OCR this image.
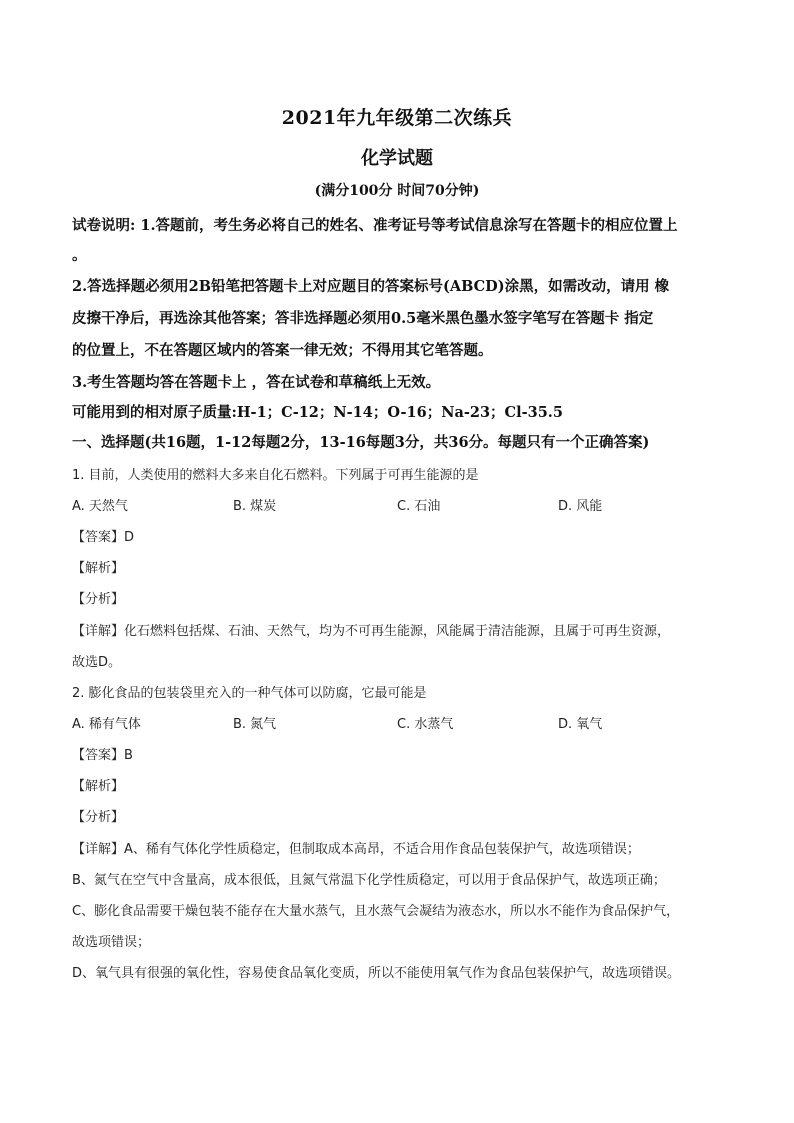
2021年九年级第二次练兵
化学试题
(满分100分 时间70分钟)
试卷说明: 1.答题前，考生务必将自己的姓名、准考证号等考试信息涂写在答题卡的相应位置上
。
2.答选择题必须用2B铅笔把答题卡上对应题目的答案标号(ABCD)涂黑，如需改动，请用 橡
皮擦干净后，再选涂其他答案；答非选择题必须用0.5毫米黑色墨水签字笔写在答题卡 指定
的位置上，不在答题区域内的答案一律无效；不得用其它笔答题。
3.考生答题均答在答题卡上 ，答在试卷和草稿纸上无效。
可能用到的相对原子质量:H-1；C-12；N-14；O-16；Na-23；Cl-35.5
一、选择题(共16题，1-12每题2分，13-16每题3分，共36分。每题只有一个正确答案)
1. 目前，人类使用的燃料大多来自化石燃料。下列属于可再生能源的是
A. 天然气	B. 煤炭	C. 石油	D. 风能
【答案】D
【解析】
【分析】
【详解】化石燃料包括煤、石油、天然气，均为不可再生能源，风能属于清洁能源，且属于可再生资源，
故选D。
2. 膨化食品的包装袋里充入的一种气体可以防腐，它最可能是
A. 稀有气体	B. 氮气	C. 水蒸气	D. 氧气
【答案】B
【解析】
【分析】
【详解】A、稀有气体化学性质稳定，但制取成本高昂，不适合用作食品包装保护气，故选项错误；
B、氮气在空气中含量高，成本很低，且氮气常温下化学性质稳定，可以用于食品保护气，故选项正确；
C、膨化食品需要干燥包装不能存在大量水蒸气，且水蒸气会凝结为液态水，所以水不能作为食品保护气，
故选项错误；
D、氧气具有很强的氧化性，容易使食品氧化变质，所以不能使用氧气作为食品包装保护气，故选项错误。
